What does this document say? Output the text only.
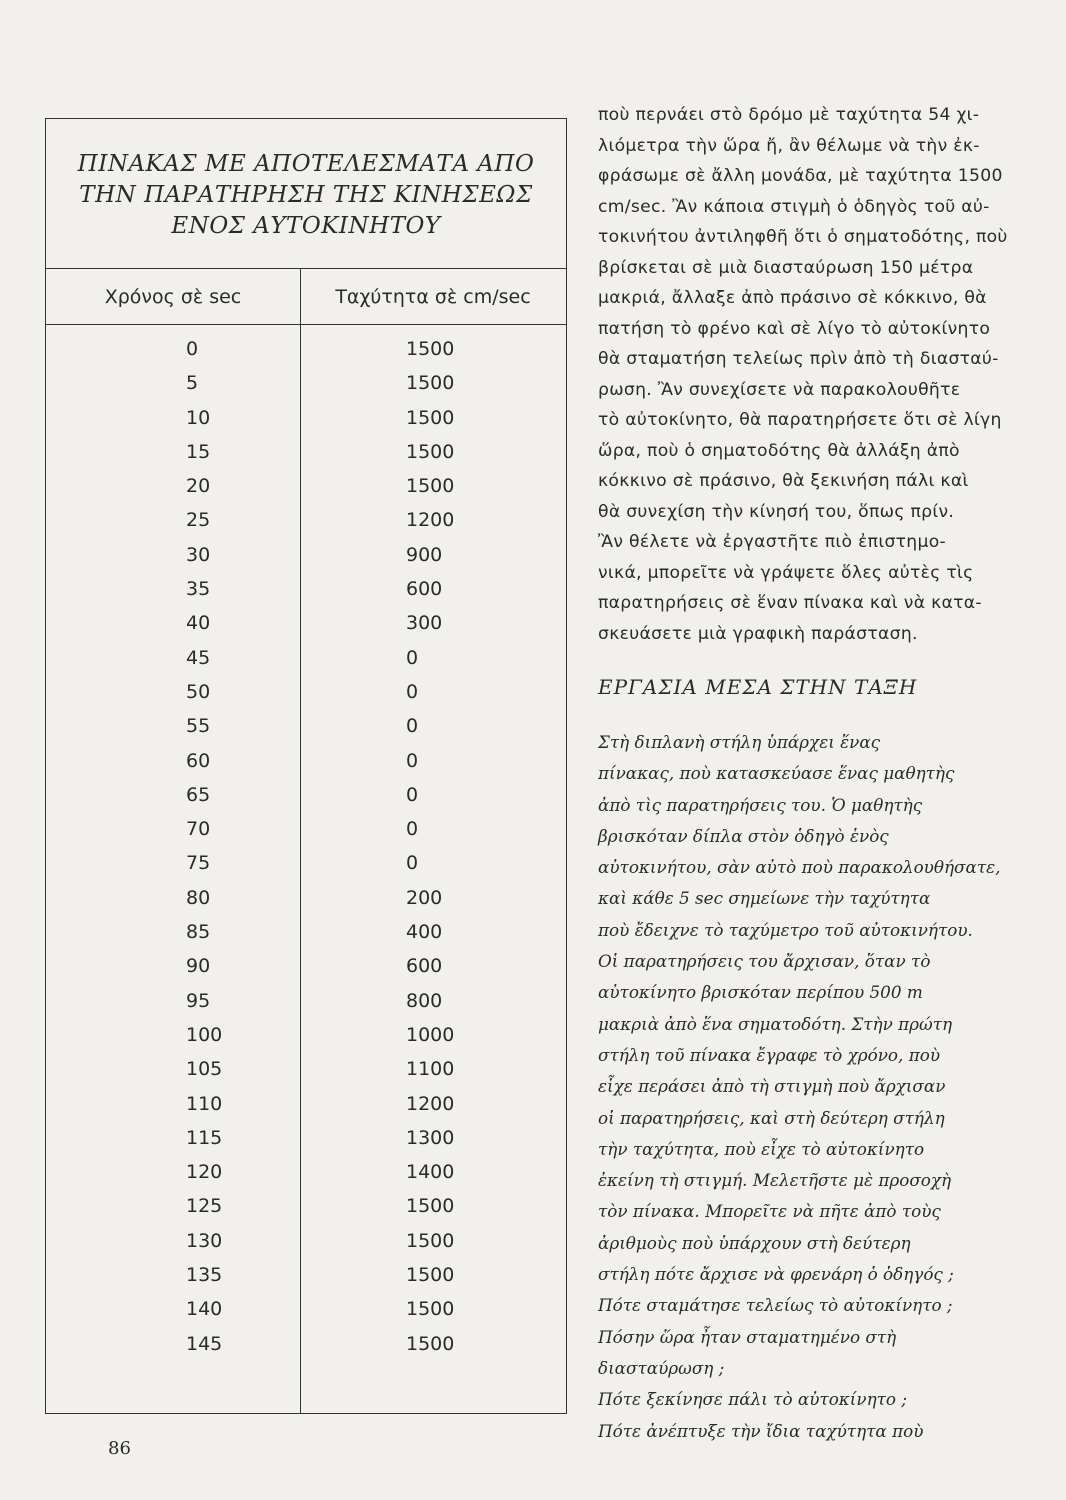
ΠΙΝΑΚΑΣ ΜΕ ΑΠΟΤΕΛΕΣΜΑΤΑ ΑΠΟ
ΤΗΝ ΠΑΡΑΤΗΡΗΣΗ ΤΗΣ ΚΙΝΗΣΕΩΣ
ΕΝΟΣ ΑΥΤΟΚΙΝΗΤΟΥ
Χρόνος σὲ sec	Ταχύτητα σὲ cm/sec
0	1500
5	1500
10	1500
15	1500
20	1500
25	1200
30	900
35	600
40	300
45	0
50	0
55	0
60	0
65	0
70	0
75	0
80	200
85	400
90	600
95	800
100	1000
105	1100
110	1200
115	1300
120	1400
125	1500
130	1500
135	1500
140	1500
145	1500
ποὺ περνάει στὸ δρόμο μὲ ταχύτητα 54 χι-
λιόμετρα τὴν ὥρα ἤ, ἂν θέλωμε νὰ τὴν ἐκ-
φράσωμε σὲ ἄλλη μονάδα, μὲ ταχύτητα 1500
cm/sec. Ἂν κάποια στιγμὴ ὁ ὁδηγὸς τοῦ αὐ-
τοκινήτου ἀντιληφθῆ ὅτι ὁ σηματοδότης, ποὺ
βρίσκεται σὲ μιὰ διασταύρωση 150 μέτρα
μακριά, ἄλλαξε ἀπὸ πράσινο σὲ κόκκινο, θὰ
πατήση τὸ φρένο καὶ σὲ λίγο τὸ αὐτοκίνητο
θὰ σταματήση τελείως πρὶν ἀπὸ τὴ διασταύ-
ρωση. Ἂν συνεχίσετε νὰ παρακολουθῆτε
τὸ αὐτοκίνητο, θὰ παρατηρήσετε ὅτι σὲ λίγη
ὥρα, ποὺ ὁ σηματοδότης θὰ ἀλλάξη ἀπὸ
κόκκινο σὲ πράσινο, θὰ ξεκινήση πάλι καὶ
θὰ συνεχίση τὴν κίνησή του, ὅπως πρίν.
Ἂν θέλετε νὰ ἐργαστῆτε πιὸ ἐπιστημο-
νικά, μπορεῖτε νὰ γράψετε ὅλες αὐτὲς τὶς
παρατηρήσεις σὲ ἕναν πίνακα καὶ νὰ κατα-
σκευάσετε μιὰ γραφικὴ παράσταση.
ΕΡΓΑΣΙΑ ΜΕΣΑ ΣΤΗΝ ΤΑΞΗ
Στὴ διπλανὴ στήλη ὑπάρχει ἕνας
πίνακας, ποὺ κατασκεύασε ἕνας μαθητὴς
ἀπὸ τὶς παρατηρήσεις του. Ὁ μαθητὴς
βρισκόταν δίπλα στὸν ὁδηγὸ ἑνὸς
αὐτοκινήτου, σὰν αὐτὸ ποὺ παρακολουθήσατε,
καὶ κάθε 5 sec σημείωνε τὴν ταχύτητα
ποὺ ἔδειχνε τὸ ταχύμετρο τοῦ αὐτοκινήτου.
Οἱ παρατηρήσεις του ἄρχισαν, ὅταν τὸ
αὐτοκίνητο βρισκόταν περίπου 500 m
μακριὰ ἀπὸ ἕνα σηματοδότη. Στὴν πρώτη
στήλη τοῦ πίνακα ἔγραφε τὸ χρόνο, ποὺ
εἶχε περάσει ἀπὸ τὴ στιγμὴ ποὺ ἄρχισαν
οἱ παρατηρήσεις, καὶ στὴ δεύτερη στήλη
τὴν ταχύτητα, ποὺ εἶχε τὸ αὐτοκίνητο
ἐκείνη τὴ στιγμή. Μελετῆστε μὲ προσοχὴ
τὸν πίνακα. Μπορεῖτε νὰ πῆτε ἀπὸ τοὺς
ἀριθμοὺς ποὺ ὑπάρχουν στὴ δεύτερη
στήλη πότε ἄρχισε νὰ φρενάρη ὁ ὁδηγός ;
Πότε σταμάτησε τελείως τὸ αὐτοκίνητο ;
Πόσην ὥρα ἦταν σταματημένο στὴ
διασταύρωση ;
Πότε ξεκίνησε πάλι τὸ αὐτοκίνητο ;
Πότε ἀνέπτυξε τὴν ἴδια ταχύτητα ποὺ
86
